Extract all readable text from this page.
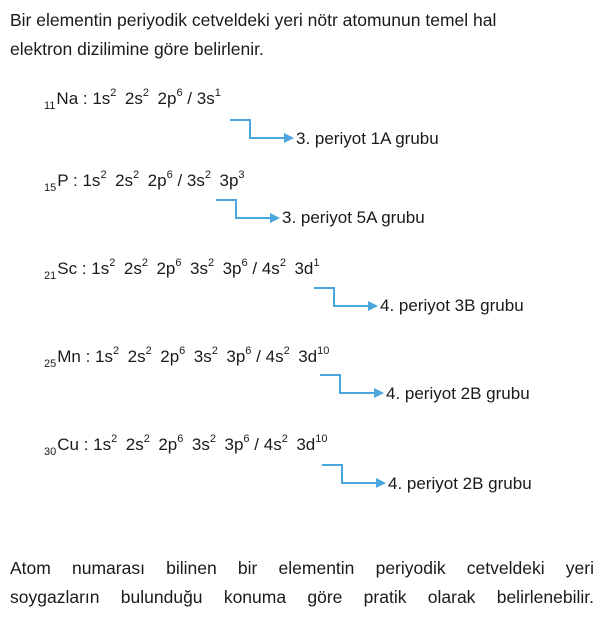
Bir elementin periyodik cetveldeki yeri nötr atomunun temel hal
elektron dizilimine göre belirlenir.

$_{11}$Na : $1s^2$  $2s^2$  $2p^6 / 3s^1$
3. periyot 1A grubu
$_{15}$P : $1s^2$  $2s^2$  $2p^6 / 3s^2$  $3p^3$
3. periyot 5A grubu
$_{21}$Sc : $1s^2$  $2s^2$  $2p^6$  $3s^2$  $3p^6 / 4s^2$  $3d^1$
4. periyot 3B grubu
$_{25}$Mn : $1s^2$  $2s^2$  $2p^6$  $3s^2$  $3p^6 / 4s^2$  $3d^{10}$
4. periyot 2B grubu
$_{30}$Cu : $1s^2$  $2s^2$  $2p^6$  $3s^2$  $3p^6 / 4s^2$  $3d^{10}$
4. periyot 2B grubu

Atom numarası bilinen bir elementin periyodik cetveldeki yeri
soygazların bulunduğu konuma göre pratik olarak belirlenebilir.
